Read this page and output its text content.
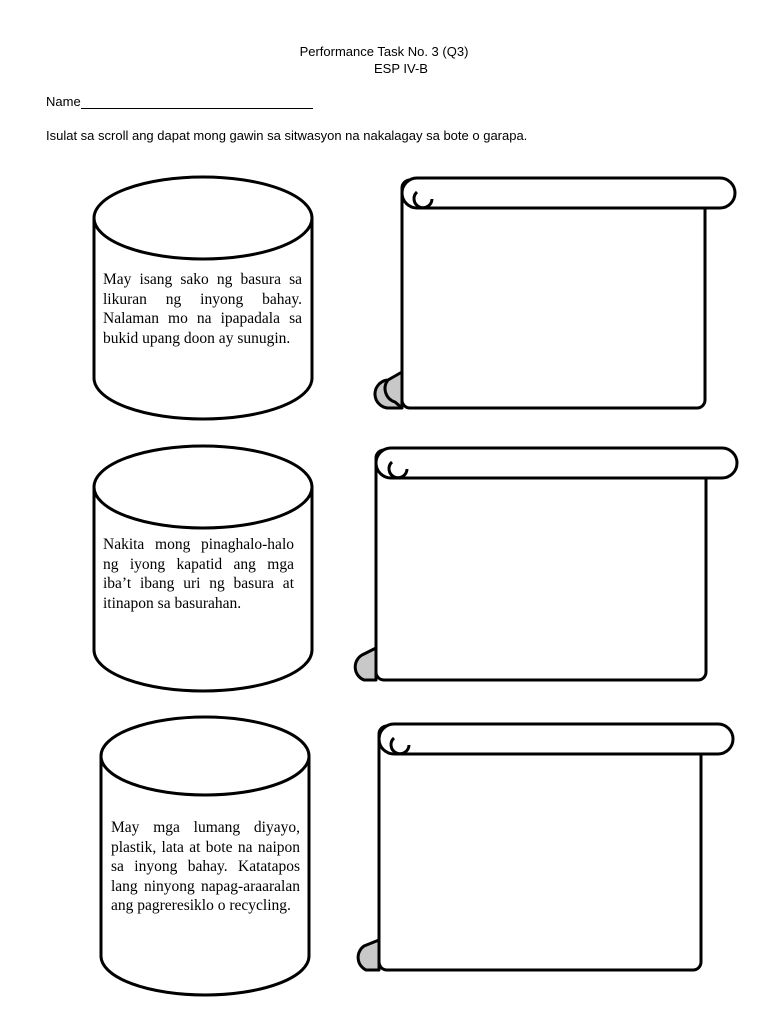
Performance Task No. 3 (Q3)
ESP IV-B
Name
Isulat sa scroll ang dapat mong gawin sa sitwasyon na nakalagay sa bote o garapa.
May isang sako ng basura sa likuran ng inyong bahay. Nalaman mo na ipapadala sa bukid upang doon ay sunugin.
Nakita mong pinaghalo-halo ng iyong kapatid ang mga iba’t ibang uri ng basura at itinapon sa basurahan.
May mga lumang diyayo, plastik, lata at bote na naipon sa inyong bahay. Katatapos lang ninyong napag-araaralan ang pagreresiklo o recycling.
